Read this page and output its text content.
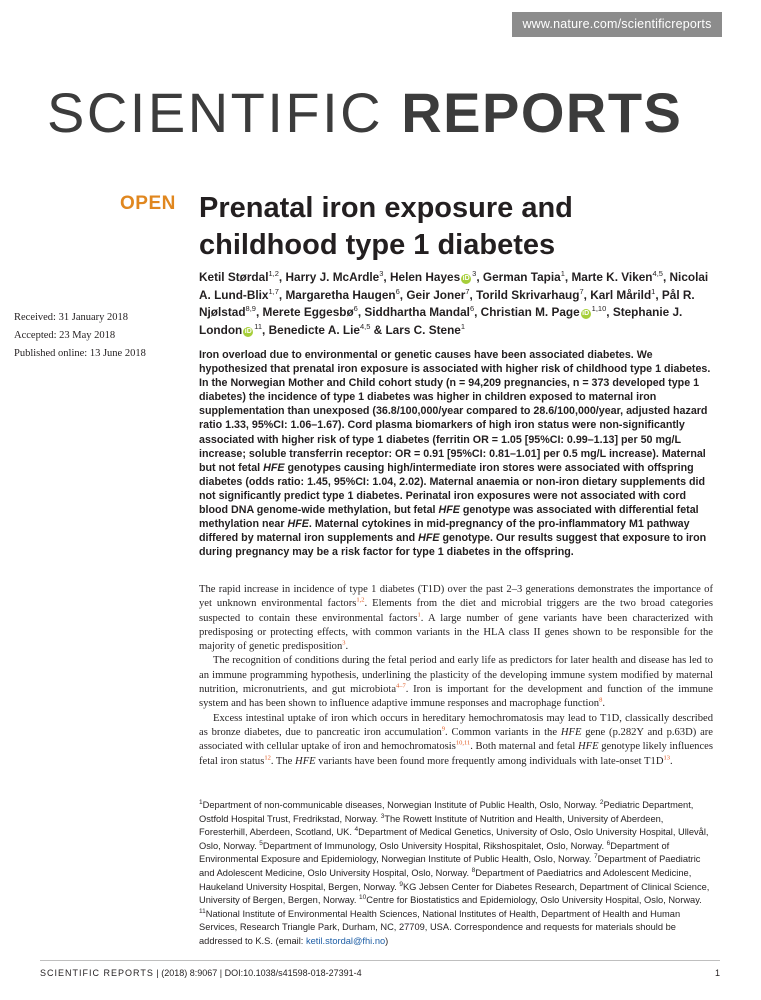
www.nature.com/scientificreports
SCIENTIFIC REPORTS
OPEN Prenatal iron exposure and childhood type 1 diabetes
Ketil Størdal$^{1,2}$, Harry J. McArdle$^3$, Helen Hayes $iD^3$, German Tapia$^1$, Marte K. Viken$^{4,5}$, Nicolai A. Lund-Blix$^{1,7}$, Margaretha Haugen$^6$, Geir Joner$^7$, Torild Skrivarhaug$^7$, Karl Mårild$^1$, Pål R. Njølstad$^{8,9}$, Merete Eggesbø$^6$, Siddhartha Mandal$^6$, Christian M. Page iD$^{1,10}$, Stephanie J. London $iD^{11}$, Benedicte A. Lie$^{4,5}$ & Lars C. Stene$^1$
Received: 31 January 2018
Accepted: 23 May 2018
Published online: 13 June 2018	Iron overload due to environmental or genetic causes have been associated diabetes. We hypothesized that prenatal iron exposure is associated with higher risk of childhood type 1 diabetes. In the Norwegian Mother and Child cohort study (n = 94,209 pregnancies, n = 373 developed type 1 diabetes) the incidence of type 1 diabetes was higher in children exposed to maternal iron supplementation than unexposed (36.8/100,000/year compared to 28.6/100,000/year, adjusted hazard ratio 1.33, 95%CI: 1.06–1.67). Cord plasma biomarkers of high iron status were non-significantly associated with higher risk of type 1 diabetes (ferritin OR = 1.05 [95%CI: 0.99–1.13] per 50 mg/L increase; soluble transferrin receptor: OR = 0.91 [95%CI: 0.81–1.01] per 0.5 mg/L increase). Maternal but not fetal HFE genotypes causing high/intermediate iron stores were associated with offspring diabetes (odds ratio: 1.45, 95%CI: 1.04, 2.02). Maternal anaemia or non-iron dietary supplements did not significantly predict type 1 diabetes. Perinatal iron exposures were not associated with cord blood DNA genome-wide methylation, but fetal HFE genotype was associated with differential fetal methylation near HFE. Maternal cytokines in mid-pregnancy of the pro-inflammatory M1 pathway differed by maternal iron supplements and HFE genotype. Our results suggest that exposure to iron during pregnancy may be a risk factor for type 1 diabetes in the offspring.

The rapid increase in incidence of type 1 diabetes (T1D) over the past 2–3 generations demonstrates the importance of yet unknown environmental factors$^{1,2}$. Elements from the diet and microbial triggers are the two broad categories suspected to contain these environmental factors$^1$. A large number of gene variants have been characterized with predisposing or protecting effects, with common variants in the HLA class II genes shown to be responsible for the majority of genetic predisposition$^3$.

The recognition of conditions during the fetal period and early life as predictors for later health and disease has led to an immune programming hypothesis, underlining the plasticity of the developing immune system modified by maternal nutrition, micronutrients, and gut microbiota$^{4-7}$. Iron is important for the development and function of the immune system and has been shown to influence adaptive immune responses and macrophage function$^8$.

Excess intestinal uptake of iron which occurs in hereditary hemochromatosis may lead to T1D, classically described as bronze diabetes, due to pancreatic iron accumulation$^9$. Common variants in the HFE gene (p.282Y and p.63D) are associated with cellular uptake of iron and hemochromatosis$^{10,11}$. Both maternal and fetal HFE genotype likely influences fetal iron status$^{12}$. The HFE variants have been found more frequently among individuals with late-onset $T1D^{13}$.

$^1$Department of non-communicable diseases, Norwegian Institute of Public Health, Oslo, Norway. $^2$Pediatric Department, Ostfold Hospital Trust, Fredrikstad, Norway. $^3$The Rowett Institute of Nutrition and Health, University of Aberdeen, Foresterhill, Aberdeen, Scotland, UK. $^4$Department of Medical Genetics, University of Oslo, Oslo University Hospital, Ullevål, Oslo, Norway. $^5$Department of Immunology, Oslo University Hospital, Rikshospitalet, Oslo, Norway. $^6$Department of Environmental Exposure and Epidemiology, Norwegian Institute of Public Health, Oslo, Norway. $^7$Department of Paediatric and Adolescent Medicine, Oslo University Hospital, Oslo, Norway. $^8$Department of Paediatrics and Adolescent Medicine, Haukeland University Hospital, Bergen, Norway. $^9$KG Jebsen Center for Diabetes Research, Department of Clinical Science, University of Bergen, Bergen, Norway. $^{10}$Centre for Biostatistics and Epidemiology, Oslo University Hospital, Oslo, Norway. $^{11}$National Institute of Environmental Health Sciences, National Institutes of Health, Department of Health and Human Services, Research Triangle Park, Durham, NC, 27709, USA. Correspondence and requests for materials should be addressed to K.S. (email: ketil.stordal@fhi.no)
SCIENTIFIC REPORTS | (2018) 8:9067 | DOI:10.1038/s41598-018-27391-4	1
